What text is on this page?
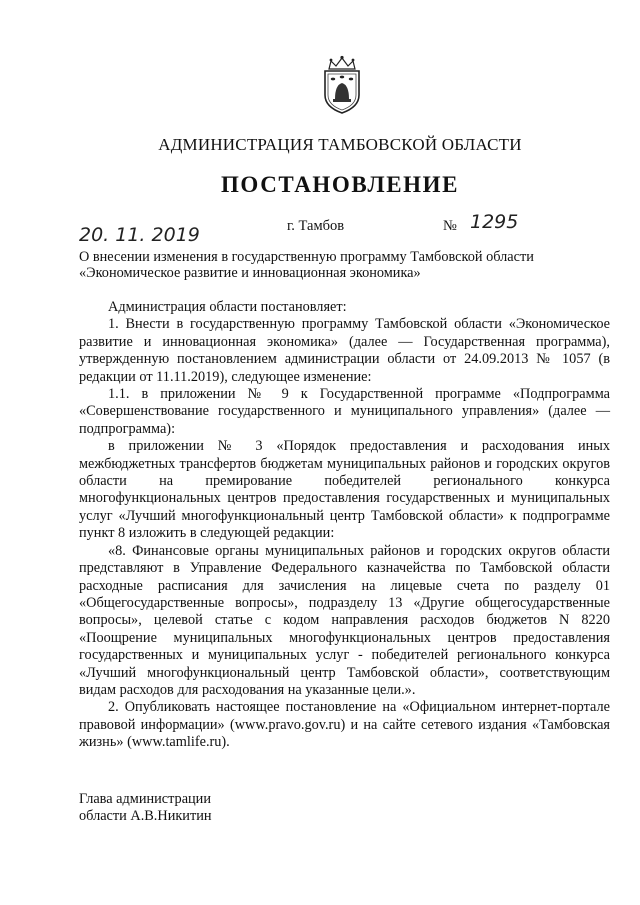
АДМИНИСТРАЦИЯ ТАМБОВСКОЙ ОБЛАСТИ
ПОСТАНОВЛЕНИЕ
20. 11. 2019	г. Тамбов	№ 1295
О внесении изменения в государственную программу Тамбовской области «Экономическое развитие и инновационная экономика»

Администрация области постановляет:

1. Внести в государственную программу Тамбовской области «Экономическое развитие и инновационная экономика» (далее — Государственная программа), утвержденную постановлением администрации области от 24.09.2013 № 1057 (в редакции от 11.11.2019), следующее изменение:

1.1. в приложении № 9 к Государственной программе «Подпрограмма «Совершенствование государственного и муниципального управления» (далее — подпрограмма):

в приложении № 3 «Порядок предоставления и расходования иных межбюджетных трансфертов бюджетам муниципальных районов и городских округов области на премирование победителей регионального конкурса многофункциональных центров предоставления государственных и муниципальных услуг «Лучший многофункциональный центр Тамбовской области» к подпрограмме пункт 8 изложить в следующей редакции:

«8. Финансовые органы муниципальных районов и городских округов области представляют в Управление Федерального казначейства по Тамбовской области расходные расписания для зачисления на лицевые счета по разделу 01 «Общегосударственные вопросы», подразделу 13 «Другие общегосударственные вопросы», целевой статье с кодом направления расходов бюджетов N 8220 «Поощрение муниципальных многофункциональных центров предоставления государственных и муниципальных услуг - победителей регионального конкурса «Лучший многофункциональный центр Тамбовской области», соответствующим видам расходов для расходования на указанные цели.».

2. Опубликовать настоящее постановление на «Официальном интернет-портале правовой информации» (www.pravo.gov.ru) и на сайте сетевого издания «Тамбовская жизнь» (www.tamlife.ru).

Глава администрации
области А.В.Никитин
